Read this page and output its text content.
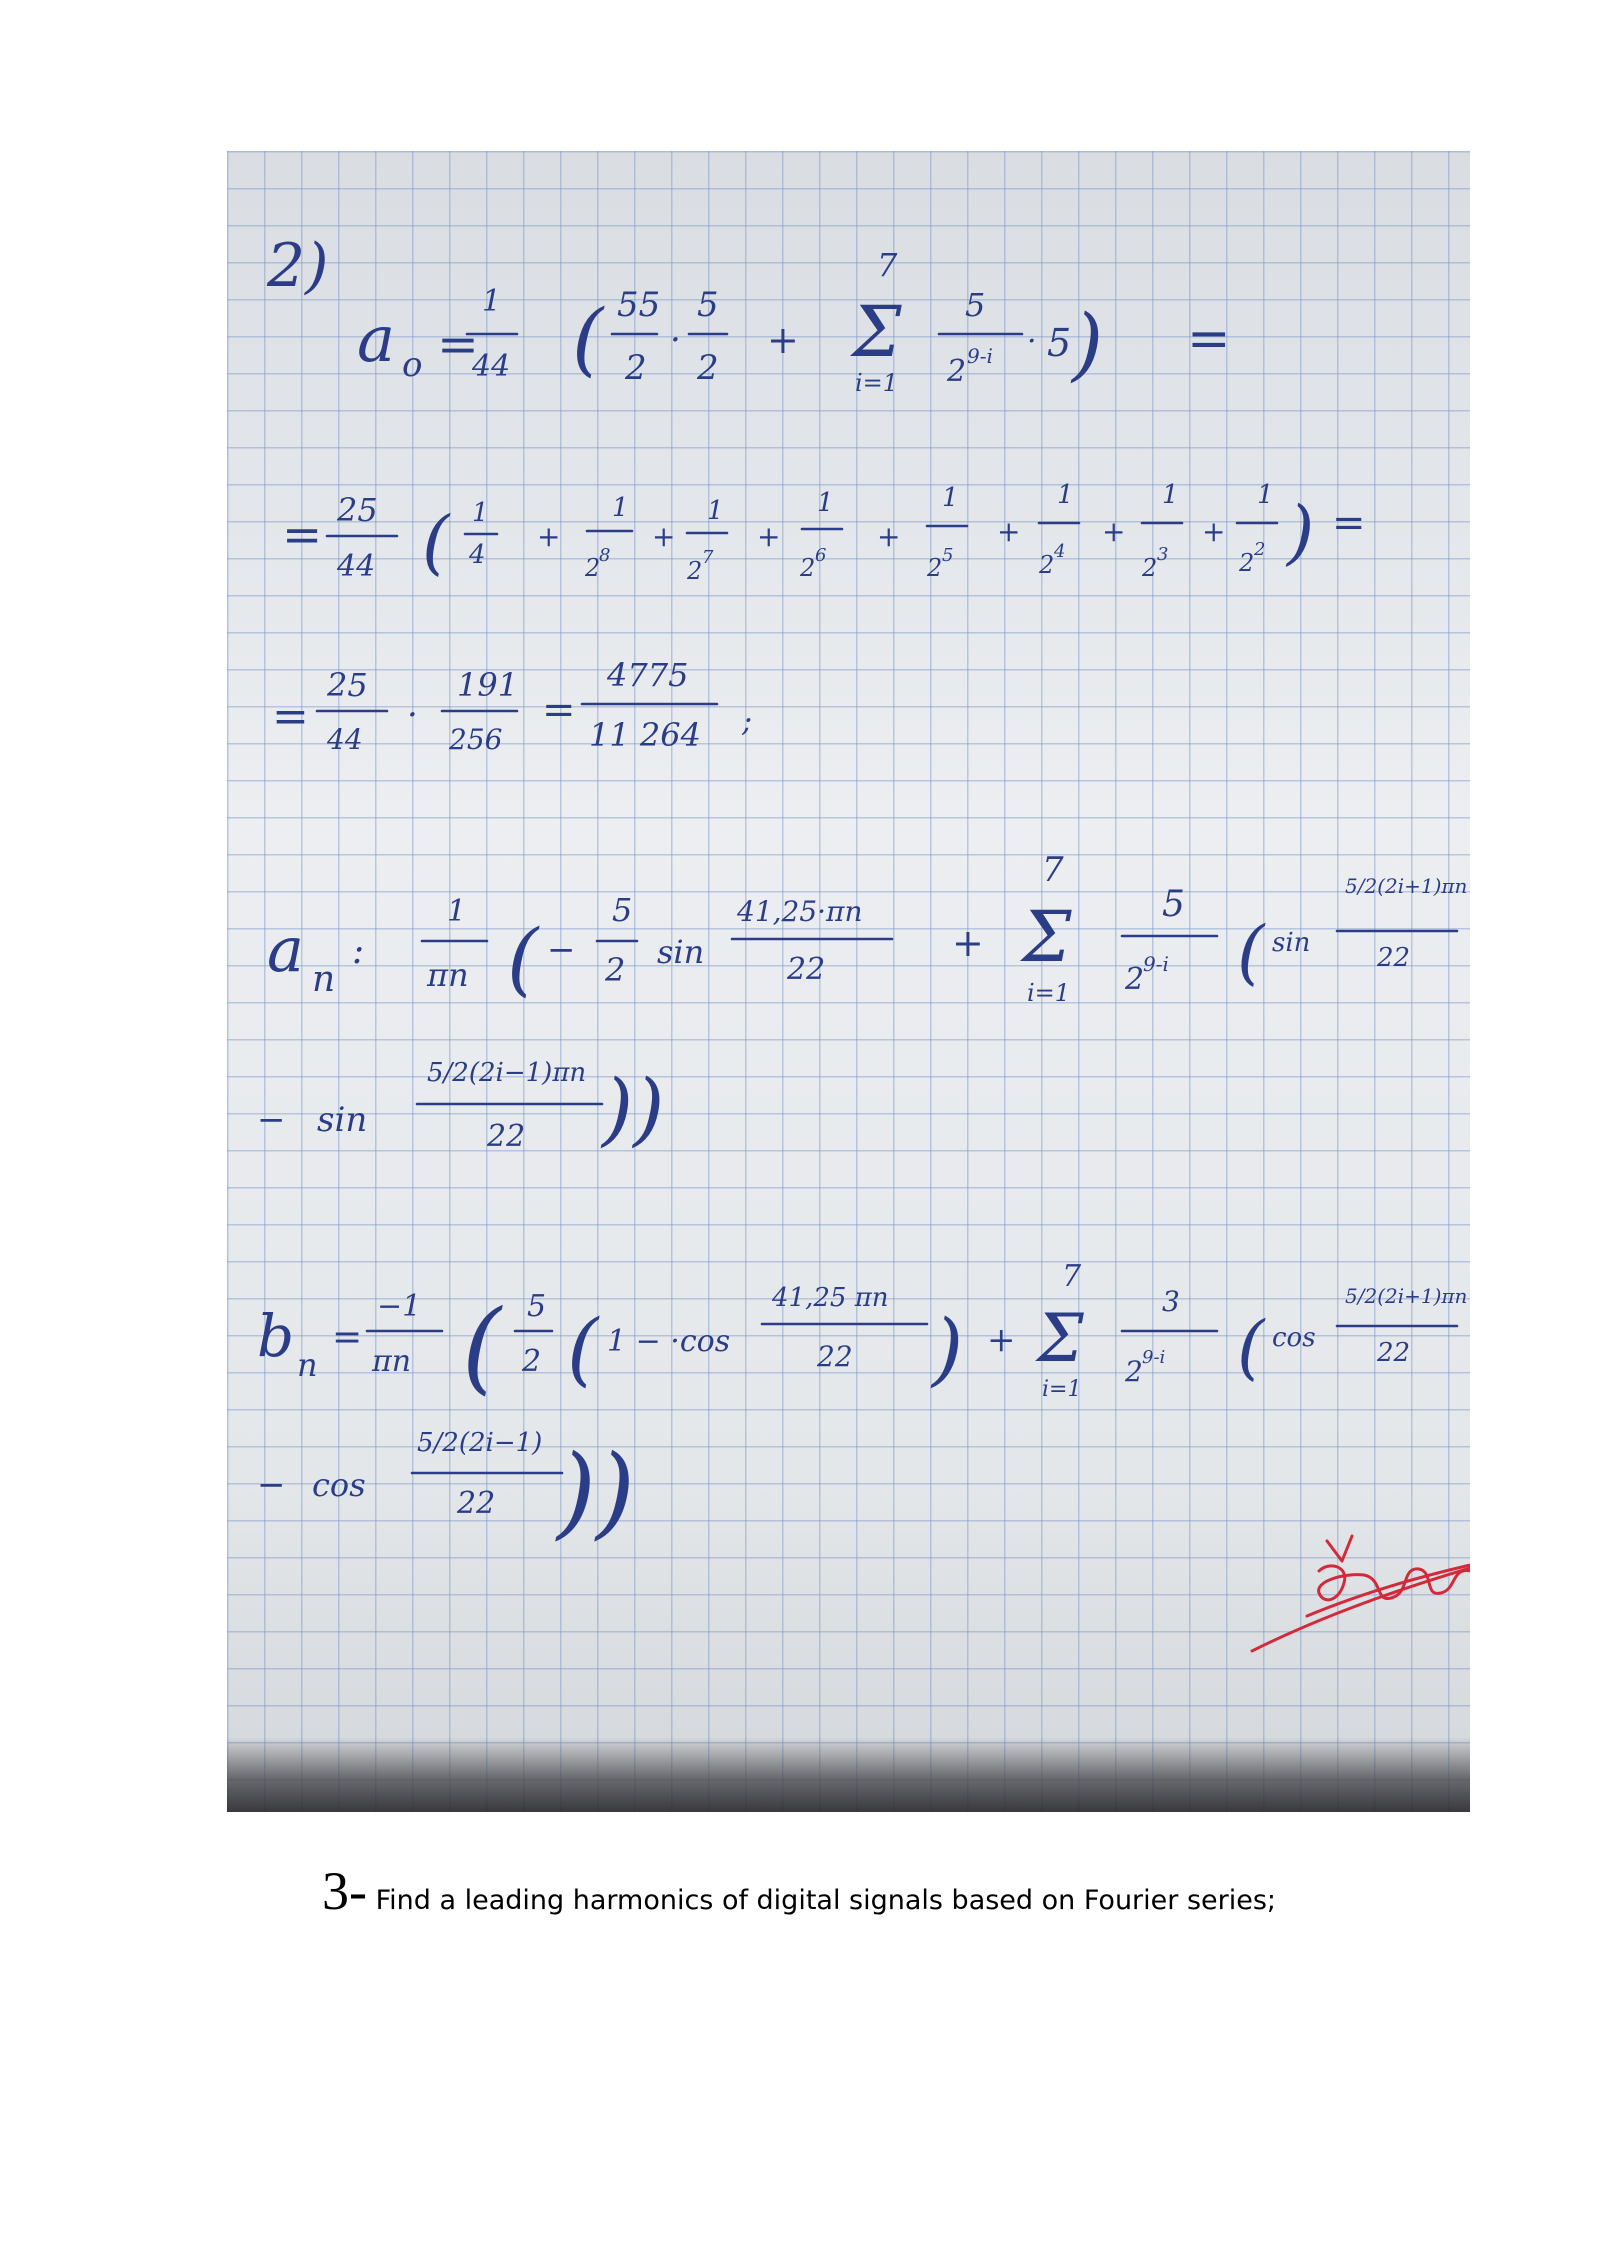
2)
a o =
1
44 ( 55
2
·
5
2
+
7
Σ
i=1
5
2 9-i · 5 ) =
= 25
44 ( 1
4
+
1
2
8
+
1
2 7
+
1
2 6
+
1
2 5
+
1
2 4
+
1
2 3
+
1
2 2 ) =
=
25
44
·
191
256
=
4775
11 264 ;
a n
:
1
πn ( −
5
2 sin
41,25·πn
22
+
7
Σ
i=1
5
2
9-i ( sin
5/2(2i+1)πn
22
− sin
5/2(2i−1)πn
22 ))
b n
=
−1
πn ( 5
2 ( 1 − ·cos
41,25 πn
22 ) +
7
Σ
i=1
3
2 9-i ( cos
5/2(2i+1)πn
22
− cos
5/2(2i−1)
22 ))
3- Find a leading harmonics of digital signals based on Fourier series;
